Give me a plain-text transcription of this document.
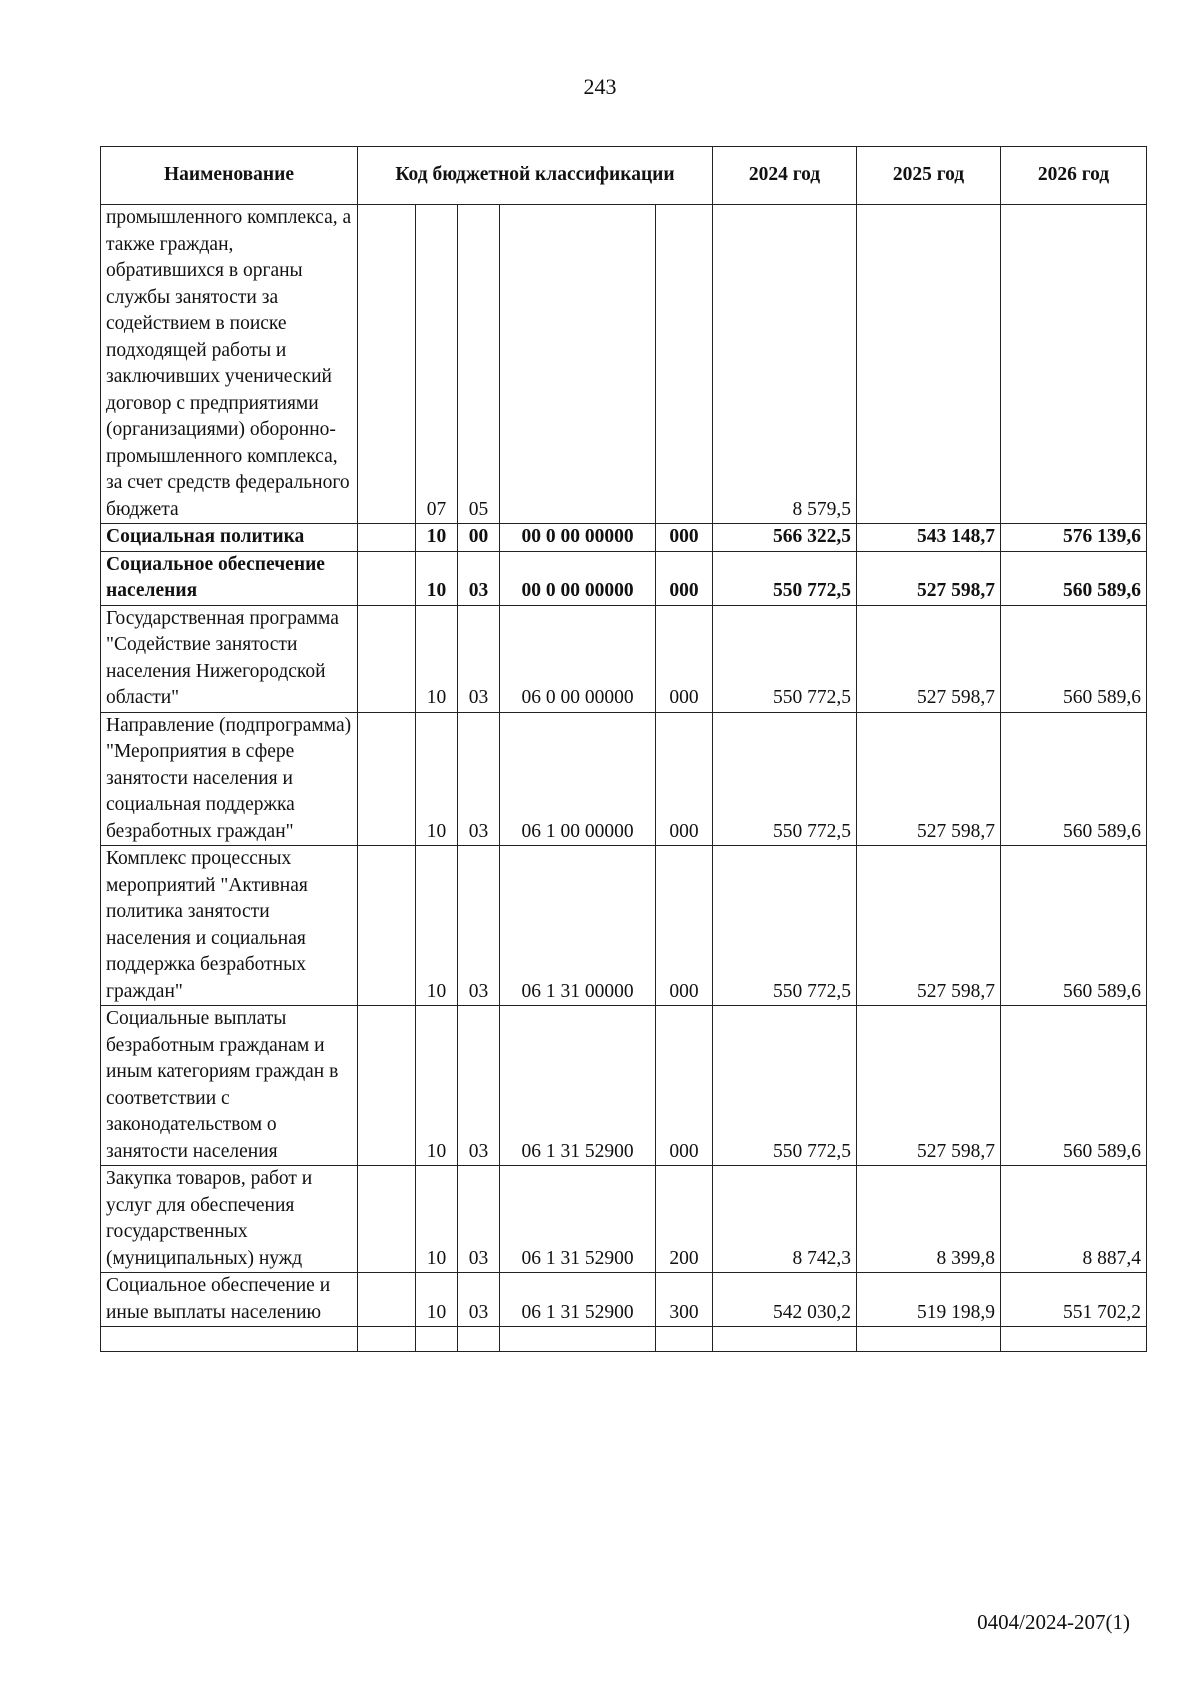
243
Наименование	Код бюджетной классификации					2024 год	2025 год	2026 год
промышленного комплекса, а также граждан, обратившихся в органы службы занятости за содействием в поиске подходящей работы и заключивших ученический договор с предприятиями (организациями) оборонно-промышленного комплекса, за счет средств федерального бюджета		07	05			8 579,5		
Социальная политика		10	00	00 0 00 00000	000	566 322,5	543 148,7	576 139,6
Социальное обеспечение населения		10	03	00 0 00 00000	000	550 772,5	527 598,7	560 589,6
Государственная программа "Содействие занятости населения Нижегородской области"		10	03	06 0 00 00000	000	550 772,5	527 598,7	560 589,6
Направление (подпрограмма) "Мероприятия в сфере занятости населения и социальная поддержка безработных граждан"		10	03	06 1 00 00000	000	550 772,5	527 598,7	560 589,6
Комплекс процессных мероприятий "Активная политика занятости населения и социальная поддержка безработных граждан"		10	03	06 1 31 00000	000	550 772,5	527 598,7	560 589,6
Социальные выплаты безработным гражданам и иным категориям граждан в соответствии с законодательством о занятости населения		10	03	06 1 31 52900	000	550 772,5	527 598,7	560 589,6
Закупка товаров, работ и услуг для обеспечения государственных (муниципальных) нужд		10	03	06 1 31 52900	200	8 742,3	8 399,8	8 887,4
Социальное обеспечение и иные выплаты населению		10	03	06 1 31 52900	300	542 030,2	519 198,9	551 702,2

0404/2024-207(1)
